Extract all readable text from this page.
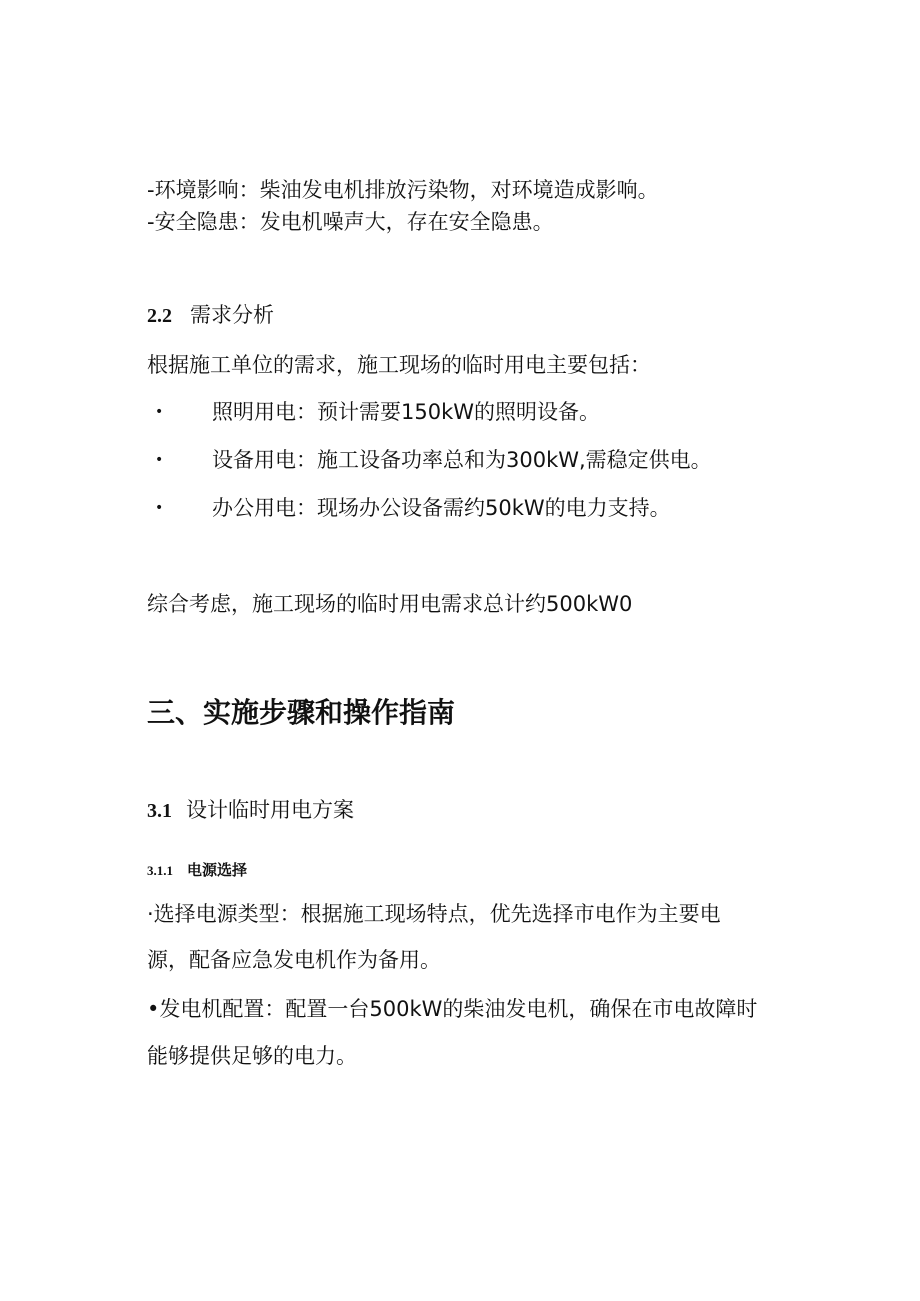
-环境影响：柴油发电机排放污染物，对环境造成影响。
-安全隐患：发电机噪声大，存在安全隐患。
2.2 需求分析
根据施工单位的需求，施工现场的临时用电主要包括：
• 照明用电：预计需要150kW的照明设备。
• 设备用电：施工设备功率总和为300kW,需稳定供电。
• 办公用电：现场办公设备需约50kW的电力支持。
综合考虑，施工现场的临时用电需求总计约500kW0
三、实施步骤和操作指南
3.1 设计临时用电方案
3.1.1 电源选择
·选择电源类型：根据施工现场特点，优先选择市电作为主要电
源，配备应急发电机作为备用。
•发电机配置：配置一台500kW的柴油发电机，确保在市电故障时
能够提供足够的电力。
